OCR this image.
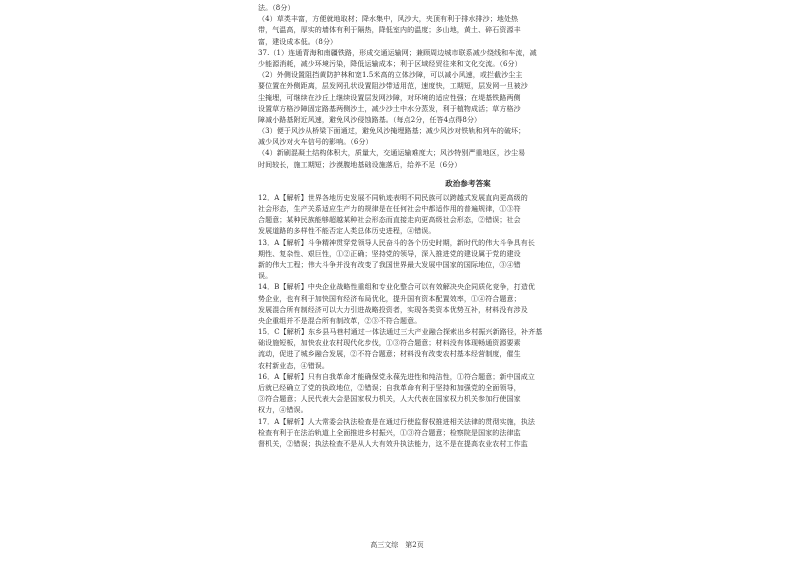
法。（8分）
（4）草类丰富，方便就地取材；降水集中，风沙大，夹顶有利于排水排沙；地处热
带，气温高，厚实的墙体有利于隔热，降低室内的温度；多山地，黄土、碎石资源丰
富，建设成本低。（8分）
37.（1）连通青海和南疆铁路，形成交通运输网；兼顾周边城市联系减少绕线和车流，减
少能源消耗，减少环境污染，降低运输成本；利于区域经贸往来和文化交流。（6分）
（2）外侧设置阻挡黄防护林和宽1.5米高的立体沙障，可以减小风速，或拦截沙尘主
要位置在外侧距离，层发网孔状设置阻沙带适用范，速度快，工期短，层发网一旦被沙
尘掩埋，可继续在沙丘上继续设置层发网沙障，对环境的适应性强；在堤基铁路两侧
设置草方格沙障固定路基两侧沙土，减少沙土中水分蒸发，利于植物成活；草方格沙
障减小路基附近风速，避免风沙侵蚀路基。（每点2分，任答4点得8分）
（3）便于风沙从桥梁下面通过，避免风沙掩埋路基；减少风沙对铁轨和列车的破坏；
减少风沙对火车信号的影响。（6分）
（4）新刷混凝土结构体积大，质量大，交通运输难度大；风沙特别严重地区，沙尘易
时间较长，施工期短；沙漠腹地基础设施落后，给养不足（6分）
政治参考答案
12．A【解析】世界各地历史发展不同轨迹表明不同民族可以跨越式发展直向更高级的
社会形态，生产关系适应生产力的规律是在任何社会中都适作用的普遍规律，①③符
合题意；某种民族能够超越某种社会形态而直接走向更高级社会形态，②错误；社会
发展道路的多样性不能否定人类总体历史进程，④错误。
13．A【解析】斗争精神贯穿党领导人民奋斗的各个历史时期，新时代的伟大斗争具有长
期性、复杂性、艰巨性，①②正确；坚持党的领导，深入推进党的建设属于党的建设
新的伟大工程；伟大斗争并没有改变了我国世界最大发展中国家的国际地位，③④错
误。
14．B【解析】中央企业战略性重组和专业化整合可以有效解决央企同质化竞争，打造优
势企业，也有利于加快国有经济布局优化，提升国有资本配置效率，①④符合题意；
发展混合所有制经济可以大力引进战略投资者，实现各类资本优势互补，材料没有涉及
央企重组并不是混合所有制改革，②③不符合题意。
15．C【解析】东乡县马巷村通过一体法通过三大产业融合探索出乡村振兴新路径，补齐基
础设施短板，加快农业农村现代化步伐，①③符合题意；材料没有体现畅通资源要素
流动，促进了城乡融合发展，②不符合题意；材料没有改变农村基本经营制度，催生
农村新业态，④错误。
16．A【解析】只有自我革命才能确保党永葆先进性和纯洁性，①符合题意；新中国成立
后就已经确立了党的执政地位，②错误；自我革命有利于坚持和加强党的全面领导，
③符合题意；人民代表大会是国家权力机关，人大代表在国家权力机关参加行使国家
权力，④错误。
17．A【解析】人大常委会执法检查是在通过行使监督权推进相关法律的贯彻实施，执法
检查有利于在法治轨道上全面推进乡村振兴，①③符合题意；检察院是国家的法律监
督机关，②错误；执法检查不是从人大有效升执法能力，这不是在提高农业农村工作监
高三文综　第2页
